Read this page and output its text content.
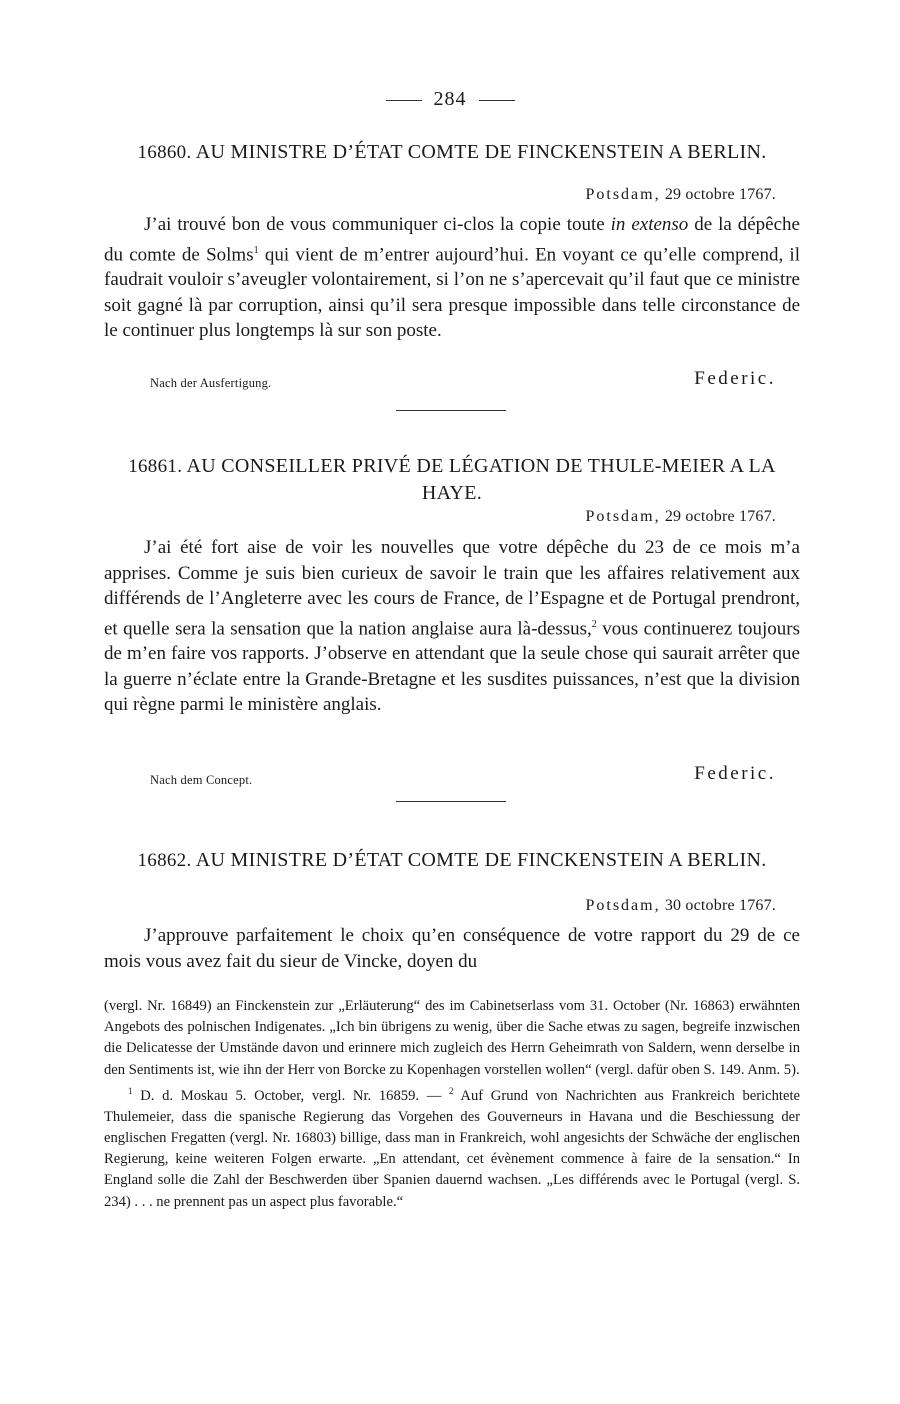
284
16860. AU MINISTRE D’ÉTAT COMTE DE FINCKENSTEIN A BERLIN.
Potsdam, 29 octobre 1767.
J’ai trouvé bon de vous communiquer ci-clos la copie toute in extenso de la dépêche du comte de Solms$^1$ qui vient de m’entrer aujourd’hui. En voyant ce qu’elle comprend, il faudrait vouloir s’aveugler volontairement, si l’on ne s’apercevait qu’il faut que ce ministre soit gagné là par corruption, ainsi qu’il sera presque impossible dans telle circonstance de le continuer plus longtemps là sur son poste.
Nach der Ausfertigung.	Federic.
16861. AU CONSEILLER PRIVÉ DE LÉGATION DE THULE-MEIER A LA HAYE.
Potsdam, 29 octobre 1767.
J’ai été fort aise de voir les nouvelles que votre dépêche du 23 de ce mois m’a apprises. Comme je suis bien curieux de savoir le train que les affaires relativement aux différends de l’Angleterre avec les cours de France, de l’Espagne et de Portugal prendront, et quelle sera la sensation que la nation anglaise aura là-dessus,$^2$ vous continuerez toujours de m’en faire vos rapports. J’observe en attendant que la seule chose qui saurait arrêter que la guerre n’éclate entre la Grande-Bretagne et les susdites puissances, n’est que la division qui règne parmi le ministère anglais.
Nach dem Concept.	Federic.
16862. AU MINISTRE D’ÉTAT COMTE DE FINCKENSTEIN A BERLIN.
Potsdam, 30 octobre 1767.
J’approuve parfaitement le choix qu’en conséquence de votre rapport du 29 de ce mois vous avez fait du sieur de Vincke, doyen du

(vergl. Nr. 16849) an Finckenstein zur „Erläuterung“ des im Cabinetserlass vom 31. October (Nr. 16863) erwähnten Angebots des polnischen Indigenates. „Ich bin übrigens zu wenig, über die Sache etwas zu sagen, begreife inzwischen die Delicatesse der Umstände davon und erinnere mich zugleich des Herrn Geheimrath von Saldern, wenn derselbe in den Sentiments ist, wie ihn der Herr von Borcke zu Kopenhagen vorstellen wollen“ (vergl. dafür oben S. 149. Anm. 5).

$^1$ D. d. Moskau 5. October, vergl. Nr. 16859. — $^2$ Auf Grund von Nachrichten aus Frankreich berichtete Thulemeier, dass die spanische Regierung das Vorgehen des Gouverneurs in Havana und die Beschiessung der englischen Fregatten (vergl. Nr. 16803) billige, dass man in Frankreich, wohl angesichts der Schwäche der englischen Regierung, keine weiteren Folgen erwarte. „En attendant, cet évènement commence à faire de la sensation.“ In England solle die Zahl der Beschwerden über Spanien dauernd wachsen. „Les différends avec le Portugal (vergl. S. 234) . . . ne prennent pas un aspect plus favorable.“
